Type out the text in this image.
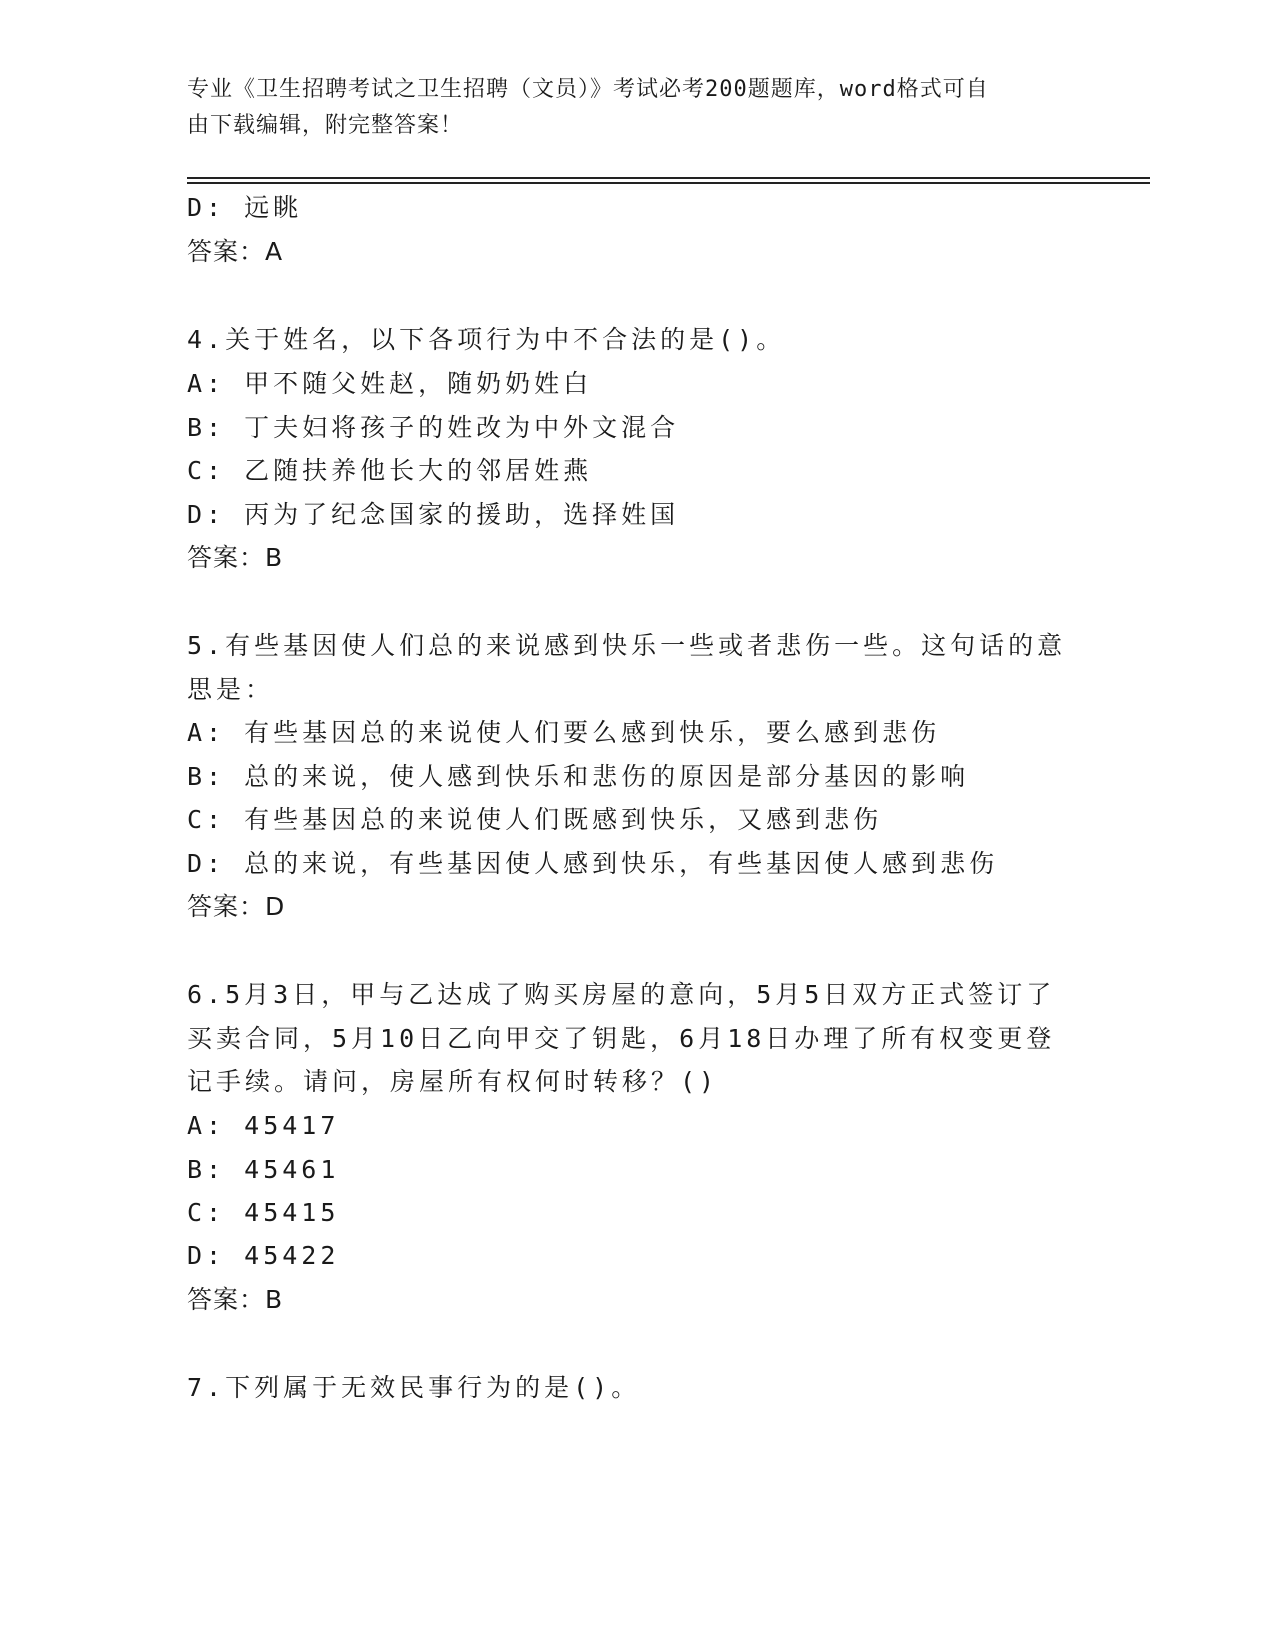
专业《卫生招聘考试之卫生招聘（文员）》考试必考200题题库，word格式可自
由下载编辑，附完整答案！
D: 远眺
答案：A
4.关于姓名，以下各项行为中不合法的是()。
A: 甲不随父姓赵，随奶奶姓白
B: 丁夫妇将孩子的姓改为中外文混合
C: 乙随扶养他长大的邻居姓燕
D: 丙为了纪念国家的援助，选择姓国
答案：B
5.有些基因使人们总的来说感到快乐一些或者悲伤一些。这句话的意
思是：
A: 有些基因总的来说使人们要么感到快乐，要么感到悲伤
B: 总的来说，使人感到快乐和悲伤的原因是部分基因的影响
C: 有些基因总的来说使人们既感到快乐，又感到悲伤
D: 总的来说，有些基因使人感到快乐，有些基因使人感到悲伤
答案：D
6.5月3日，甲与乙达成了购买房屋的意向，5月5日双方正式签订了
买卖合同，5月10日乙向甲交了钥匙，6月18日办理了所有权变更登
记手续。请问，房屋所有权何时转移？()
A: 45417
B: 45461
C: 45415
D: 45422
答案：B
7.下列属于无效民事行为的是()。
